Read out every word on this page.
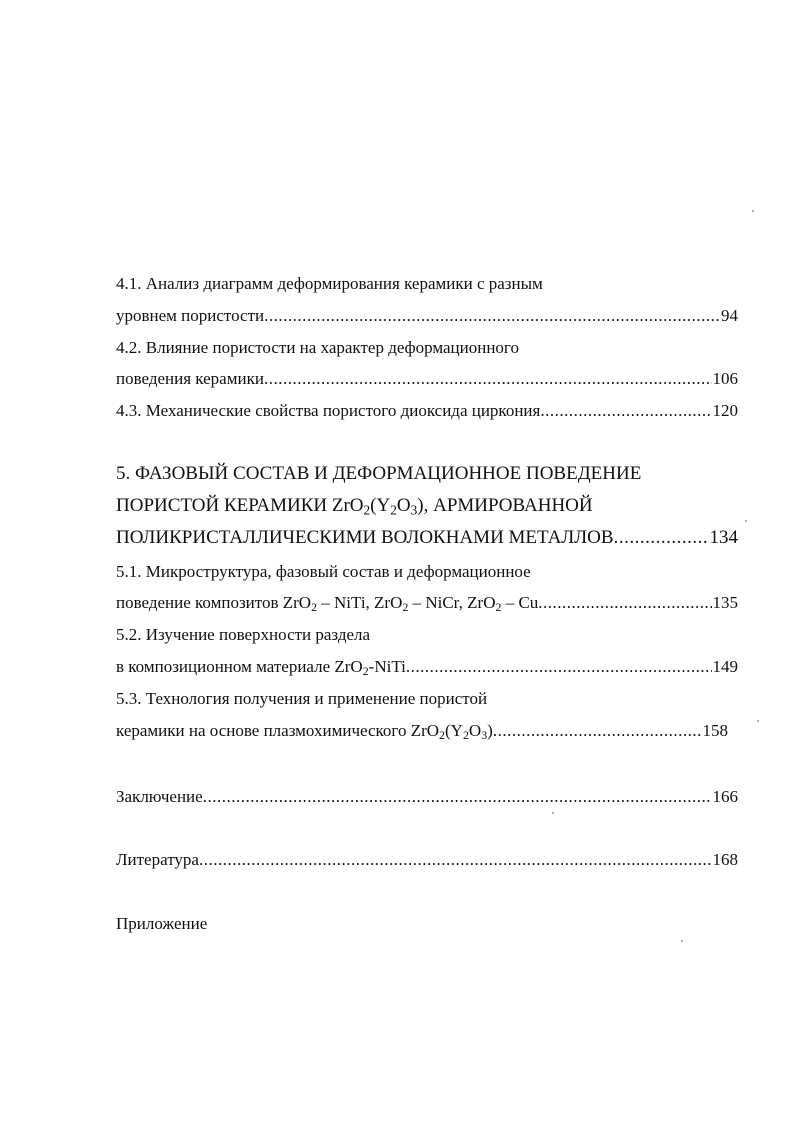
4.1. Анализ диаграмм деформирования керамики с разным
уровнем пористости .....	94
4.2. Влияние пористости на характер деформационного
поведения керамики .....	106
4.3. Механические свойства пористого диоксида циркония .....	120
5. ФАЗОВЫЙ СОСТАВ И ДЕФОРМАЦИОННОЕ ПОВЕДЕНИЕ
ПОРИСТОЙ КЕРАМИКИ $ZrO_2(Y_2O_3)$, АРМИРОВАННОЙ
ПОЛИКРИСТАЛЛИЧЕСКИМИ ВОЛОКНАМИ МЕТАЛЛОВ .....	134
5.1. Микроструктура, фазовый состав и деформационное
поведение композитов ZrO$_2$ – NiTi, ZrO$_2$ – NiCr, ZrO$_2$ – Cu .....	135
5.2. Изучение поверхности раздела
в композиционном материале ZrO$_2$-NiTi .....	149
5.3. Технология получения и применение пористой
керамики на основе плазмохимического $ZrO_2(Y_2O_3)$ .....	158
Заключение .....	166
Литература .....	168
Приложение
